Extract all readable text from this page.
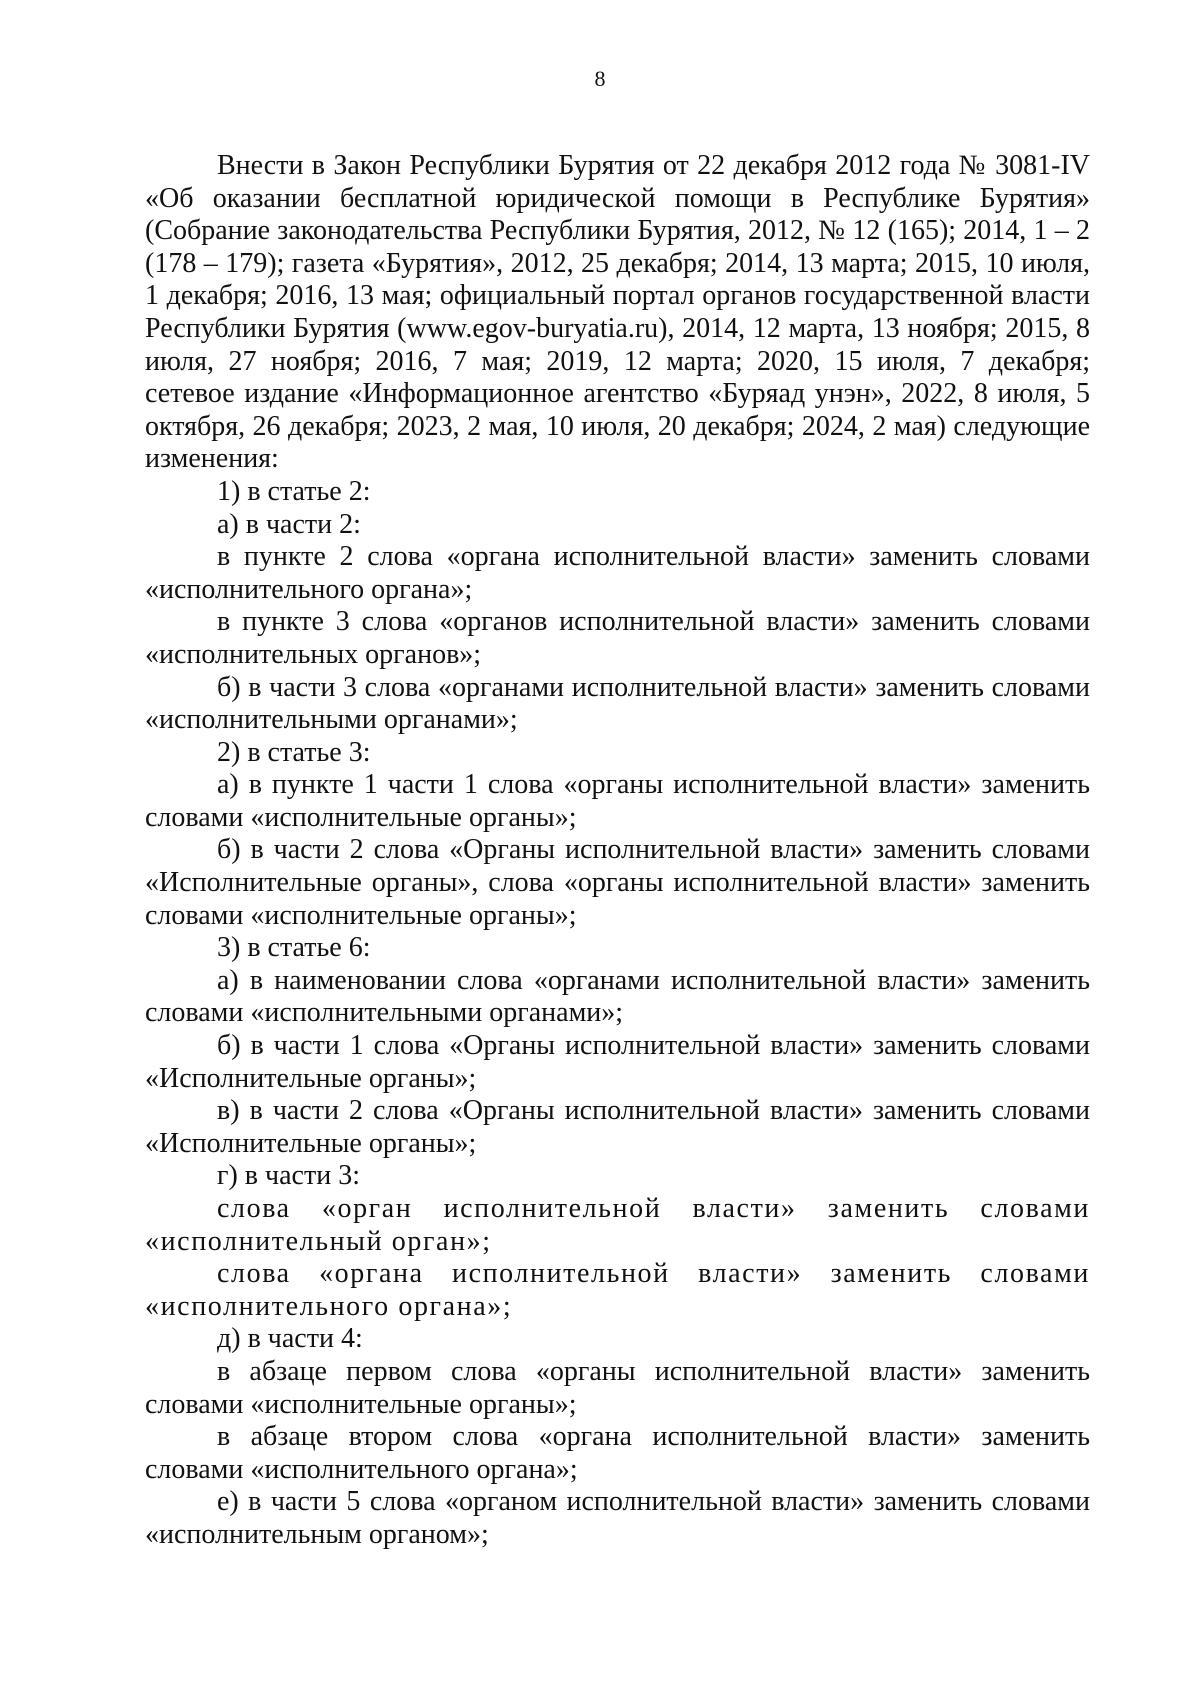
8

Внести в Закон Республики Бурятия от 22 декабря 2012 года № 3081-IV «Об оказании бесплатной юридической помощи в Республике Бурятия» (Собрание законодательства Республики Бурятия, 2012, № 12 (165); 2014, 1 – 2 (178 – 179); газета «Бурятия», 2012, 25 декабря; 2014, 13 марта; 2015, 10 июля, 1 декабря; 2016, 13 мая; официальный портал органов государственной власти Республики Бурятия (www.egov-buryatia.ru), 2014, 12 марта, 13 ноября; 2015, 8 июля, 27 ноября; 2016, 7 мая; 2019, 12 марта; 2020, 15 июля, 7 декабря; сетевое издание «Информационное агентство «Буряад унэн», 2022, 8 июля, 5 октября, 26 декабря; 2023, 2 мая, 10 июля, 20 декабря; 2024, 2 мая) следующие изменения:

1) в статье 2:

а) в части 2:

в пункте 2 слова «органа исполнительной власти» заменить словами «исполнительного органа»;

в пункте 3 слова «органов исполнительной власти» заменить словами «исполнительных органов»;

б) в части 3 слова «органами исполнительной власти» заменить словами «исполнительными органами»;

2) в статье 3:

а) в пункте 1 части 1 слова «органы исполнительной власти» заменить словами «исполнительные органы»;

б) в части 2 слова «Органы исполнительной власти» заменить словами «Исполнительные органы», слова «органы исполнительной власти» заменить словами «исполнительные органы»;

3) в статье 6:

а) в наименовании слова «органами исполнительной власти» заменить словами «исполнительными органами»;

б) в части 1 слова «Органы исполнительной власти» заменить словами «Исполнительные органы»;

в) в части 2 слова «Органы исполнительной власти» заменить словами «Исполнительные органы»;

г) в части 3:

слова «орган исполнительной власти» заменить словами «исполнительный орган»;

слова «органа исполнительной власти» заменить словами «исполнительного органа»;

д) в части 4:

в абзаце первом слова «органы исполнительной власти» заменить словами «исполнительные органы»;

в абзаце втором слова «органа исполнительной власти» заменить словами «исполнительного органа»;

е) в части 5 слова «органом исполнительной власти» заменить словами «исполнительным органом»;
